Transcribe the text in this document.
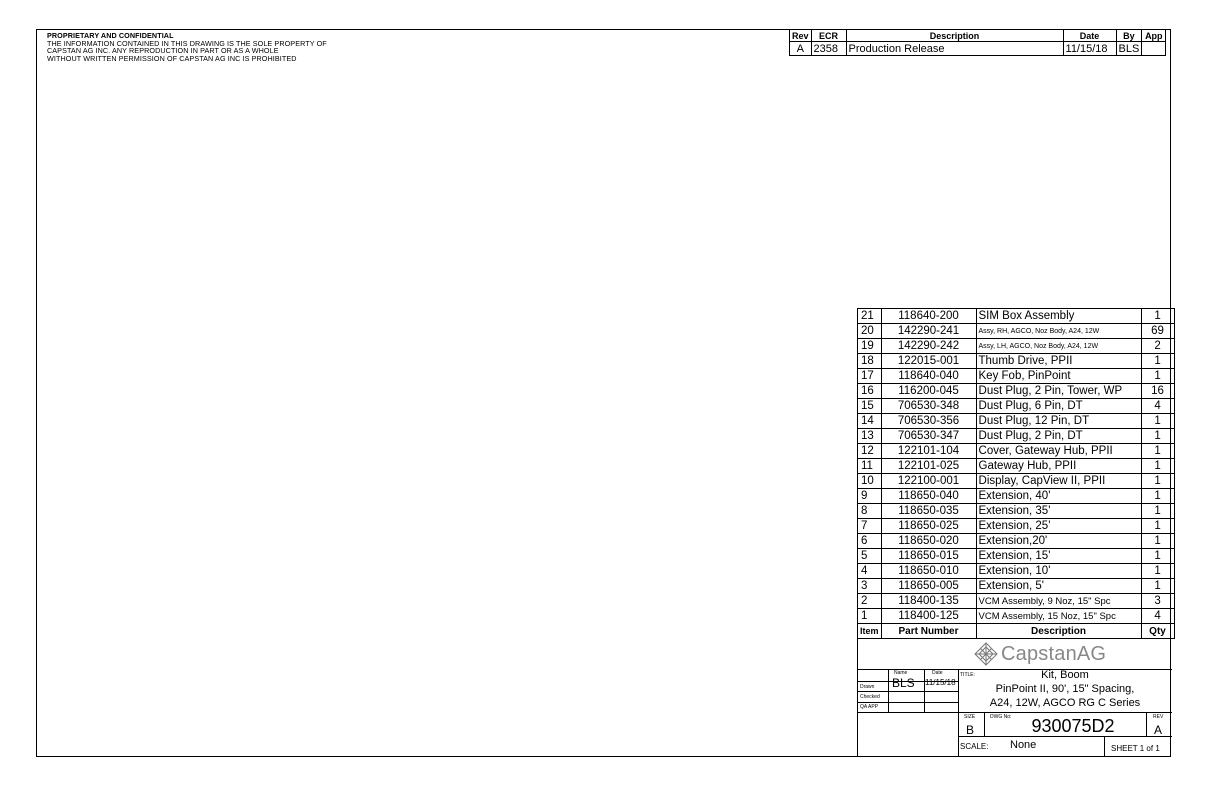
PROPRIETARY AND CONFIDENTIAL
THE INFORMATION CONTAINED IN THIS DRAWING IS THE SOLE PROPERTY OF
CAPSTAN AG INC. ANY REPRODUCTION IN PART OR AS A WHOLE
WITHOUT WRITTEN PERMISSION OF CAPSTAN AG INC IS PROHIBITED
Rev	ECR	Description	Date	By	App
A	2358	Production Release	11/15/18	BLS	
21	118640-200	SIM Box Assembly	1
20	142290-241	Assy, RH, AGCO, Noz Body, A24, 12W	69
19	142290-242	Assy, LH, AGCO, Noz Body, A24, 12W	2
18	122015-001	Thumb Drive, PPII	1
17	118640-040	Key Fob, PinPoint	1
16	116200-045	Dust Plug, 2 Pin, Tower, WP	16
15	706530-348	Dust Plug, 6 Pin, DT	4
14	706530-356	Dust Plug, 12 Pin, DT	1
13	706530-347	Dust Plug, 2 Pin, DT	1
12	122101-104	Cover, Gateway Hub, PPII	1
11	122101-025	Gateway Hub, PPII	1
10	122100-001	Display, CapView II, PPII	1
9	118650-040	Extension, 40'	1
8	118650-035	Extension, 35'	1
7	118650-025	Extension, 25'	1
6	118650-020	Extension,20'	1
5	118650-015	Extension, 15'	1
4	118650-010	Extension, 10'	1
3	118650-005	Extension, 5'	1
2	118400-135	VCM Assembly, 9 Noz, 15" Spc	3
1	118400-125	VCM Assembly, 15 Noz, 15" Spc	4
Item	Part Number	Description	Qty
CapstanAG
Name	Date
Drawn
Checked
QA APP
BLS 11/15/18
TITLE:	Kit, Boom
PinPoint II, 90', 15" Spacing,
A24, 12W, AGCO RG C Series
SIZE
B
DWG No:	930075D2	REV
A
SCALE: None	SHEET 1 of 1
